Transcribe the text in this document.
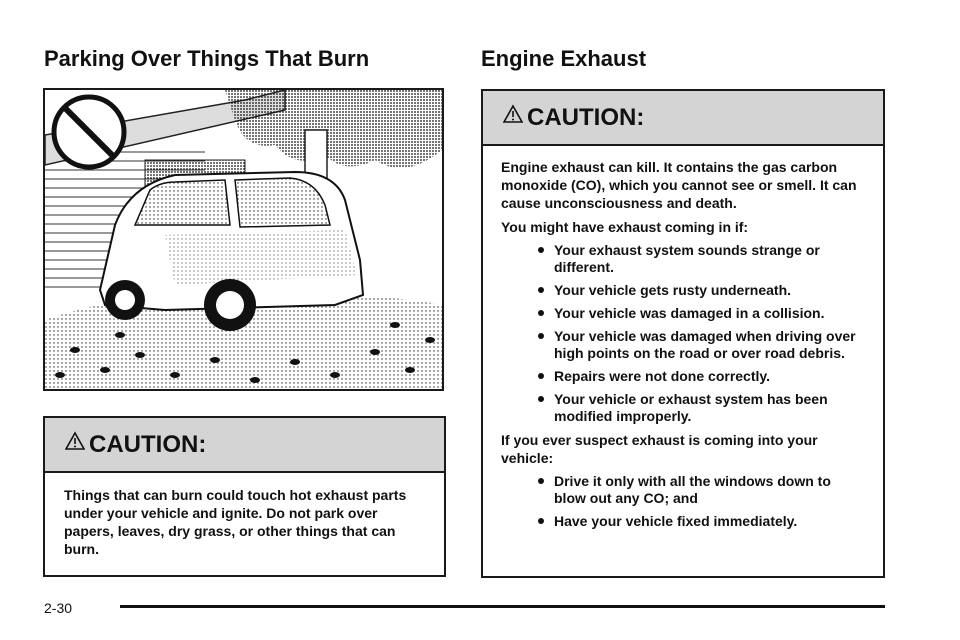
Parking Over Things That Burn	Engine Exhaust
CAUTION:

Things that can burn could touch hot exhaust parts under your vehicle and ignite. Do not park over papers, leaves, dry grass, or other things that can burn.

CAUTION:

Engine exhaust can kill. It contains the gas carbon monoxide (CO), which you cannot see or smell. It can cause unconsciousness and death.

You might have exhaust coming in if:

Your exhaust system sounds strange or different.
Your vehicle gets rusty underneath.
Your vehicle was damaged in a collision.
Your vehicle was damaged when driving over high points on the road or over road debris.
Repairs were not done correctly.
Your vehicle or exhaust system has been modified improperly.

If you ever suspect exhaust is coming into your vehicle:

Drive it only with all the windows down to blow out any CO; and
Have your vehicle fixed immediately.
2-30
